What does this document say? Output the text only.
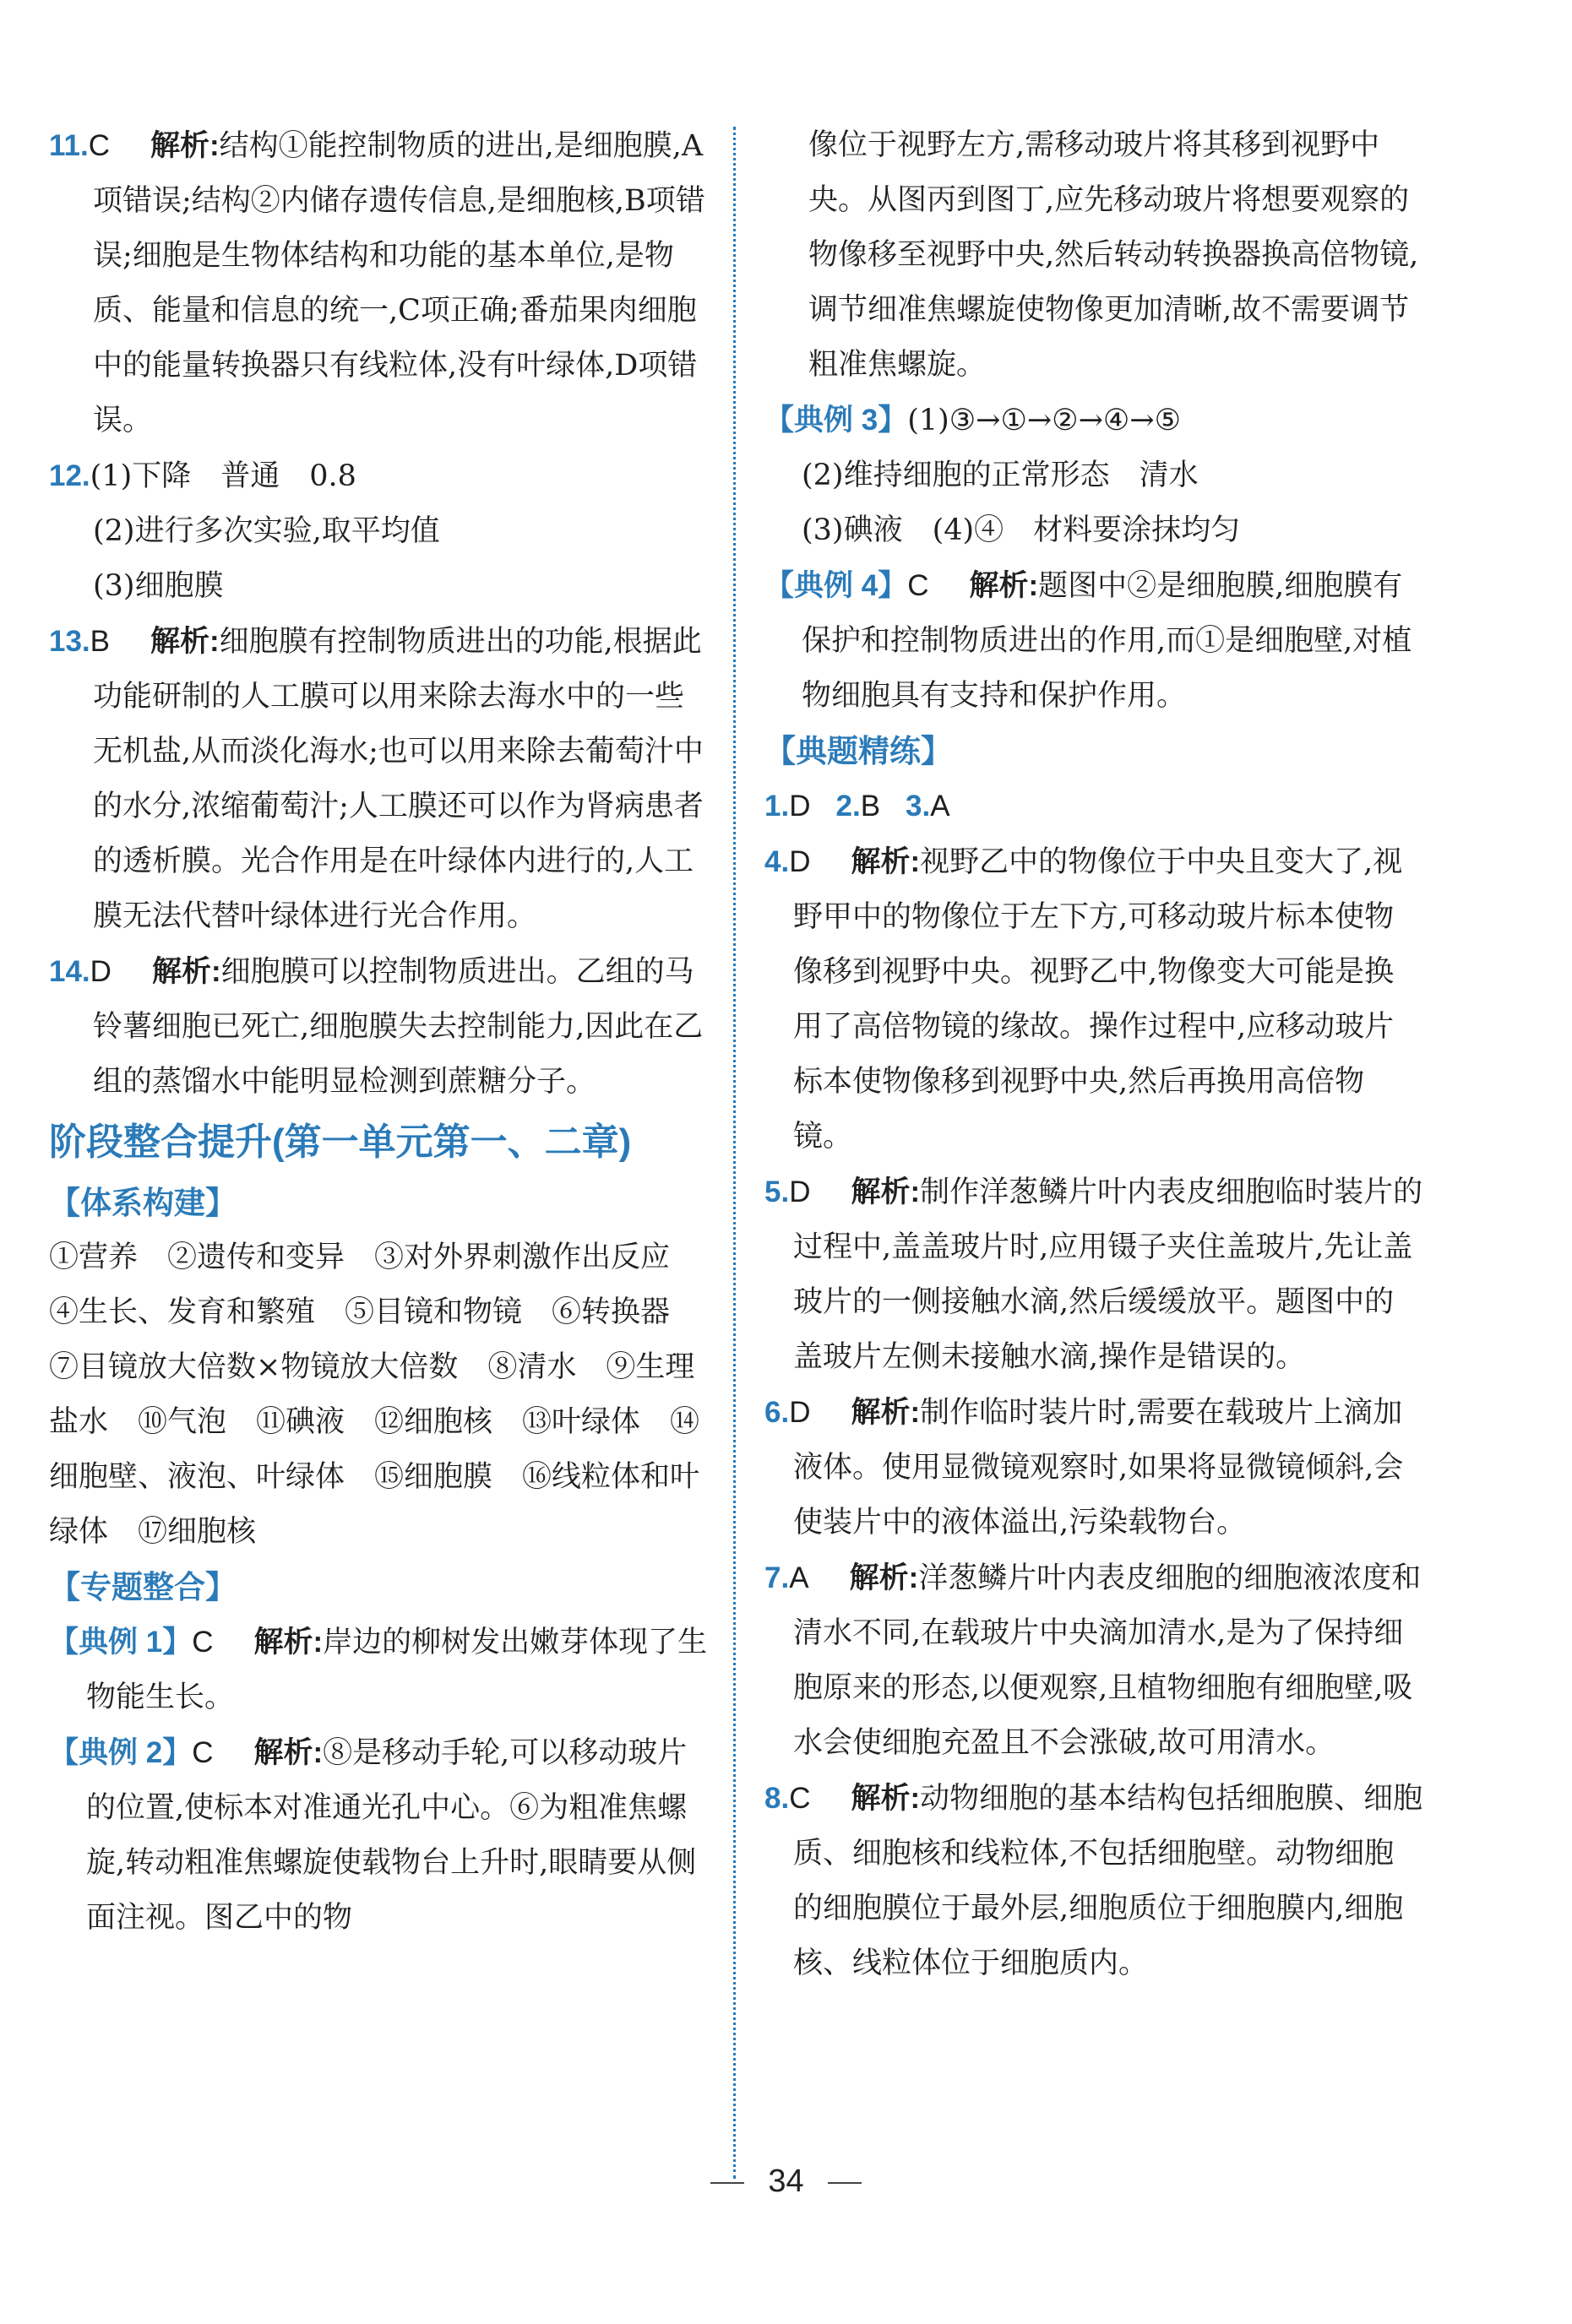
11.C 解析:结构①能控制物质的进出,是细胞膜,A项错误;结构②内储存遗传信息,是细胞核,B项错误;细胞是生物体结构和功能的基本单位,是物质、能量和信息的统一,C项正确;番茄果肉细胞中的能量转换器只有线粒体,没有叶绿体,D项错误。
12.(1)下降　普通　0.8
(2)进行多次实验,取平均值
(3)细胞膜
13.B 解析:细胞膜有控制物质进出的功能,根据此功能研制的人工膜可以用来除去海水中的一些无机盐,从而淡化海水;也可以用来除去葡萄汁中的水分,浓缩葡萄汁;人工膜还可以作为肾病患者的透析膜。光合作用是在叶绿体内进行的,人工膜无法代替叶绿体进行光合作用。
14.D 解析:细胞膜可以控制物质进出。乙组的马铃薯细胞已死亡,细胞膜失去控制能力,因此在乙组的蒸馏水中能明显检测到蔗糖分子。
阶段整合提升(第一单元第一、二章)
【体系构建】
①营养　②遗传和变异　③对外界刺激作出反应　④生长、发育和繁殖　⑤目镜和物镜　⑥转换器　⑦目镜放大倍数×物镜放大倍数　⑧清水　⑨生理盐水　⑩气泡　⑪碘液　⑫细胞核　⑬叶绿体　⑭细胞壁、液泡、叶绿体　⑮细胞膜　⑯线粒体和叶绿体　⑰细胞核
【专题整合】
【典例 1】C 解析:岸边的柳树发出嫩芽体现了生物能生长。
【典例 2】C 解析:⑧是移动手轮,可以移动玻片的位置,使标本对准通光孔中心。⑥为粗准焦螺旋,转动粗准焦螺旋使载物台上升时,眼睛要从侧面注视。图乙中的物
像位于视野左方,需移动玻片将其移到视野中央。从图丙到图丁,应先移动玻片将想要观察的物像移至视野中央,然后转动转换器换高倍物镜,调节细准焦螺旋使物像更加清晰,故不需要调节粗准焦螺旋。
【典例 3】(1)③→①→②→④→⑤
(2)维持细胞的正常形态　清水
(3)碘液　(4)④　材料要涂抹均匀
【典例 4】C 解析:题图中②是细胞膜,细胞膜有保护和控制物质进出的作用,而①是细胞壁,对植物细胞具有支持和保护作用。
【典题精练】
1.D 2.B 3.A
4.D 解析:视野乙中的物像位于中央且变大了,视野甲中的物像位于左下方,可移动玻片标本使物像移到视野中央。视野乙中,物像变大可能是换用了高倍物镜的缘故。操作过程中,应移动玻片标本使物像移到视野中央,然后再换用高倍物镜。
5.D 解析:制作洋葱鳞片叶内表皮细胞临时装片的过程中,盖盖玻片时,应用镊子夹住盖玻片,先让盖玻片的一侧接触水滴,然后缓缓放平。题图中的盖玻片左侧未接触水滴,操作是错误的。
6.D 解析:制作临时装片时,需要在载玻片上滴加液体。使用显微镜观察时,如果将显微镜倾斜,会使装片中的液体溢出,污染载物台。
7.A 解析:洋葱鳞片叶内表皮细胞的细胞液浓度和清水不同,在载玻片中央滴加清水,是为了保持细胞原来的形态,以便观察,且植物细胞有细胞壁,吸水会使细胞充盈且不会涨破,故可用清水。
8.C 解析:动物细胞的基本结构包括细胞膜、细胞质、细胞核和线粒体,不包括细胞壁。动物细胞的细胞膜位于最外层,细胞质位于细胞膜内,细胞核、线粒体位于细胞质内。
34
